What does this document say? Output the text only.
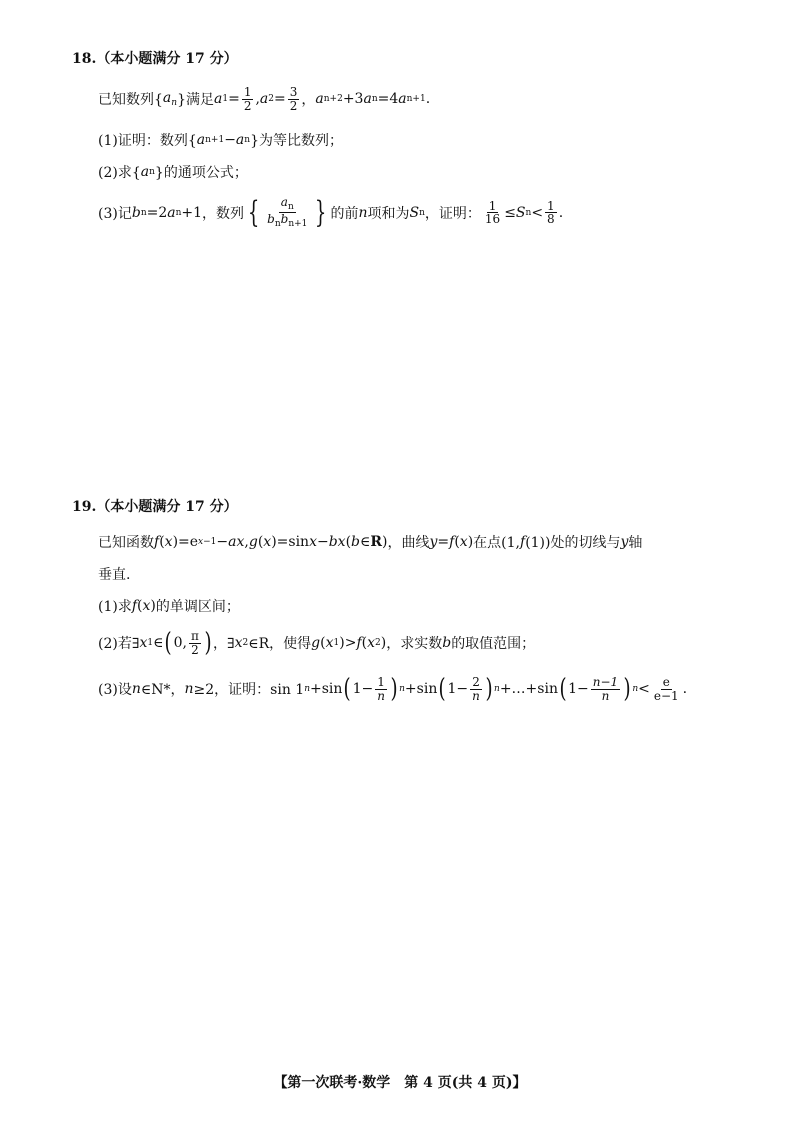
18.（本小题满分 17 分）
已知数列{ $a_n$ }满足 a $1 = \frac{1}{2}$ , a $2 = \frac{3}{2}$ ， a n+2 +3 a n =4 a n+1 .
(1)证明：数列{ a n+1 − a n }为等比数列；
(2)求{ a n }的通项公式；
(3)记 b n =2 a n +1 ，数列 { $\frac{a_n}{b_nb_{n+1}}$ } 的前 n 项和为 S n ，证明： $\frac{1}{16} \le S$ $n < \frac{1}{8}$ .
19.（本小题满分 17 分）
已知函数 f ( x )=e x−1 − ax , g ( x )=sin x − bx ( b ∈ R ) ，曲线 y = f ( x ) 在点(1, f (1))处的切线与 y 轴
垂直.
(1)求 f ( x ) 的单调区间；
(2)若∃ x 1 ∈ ( 0, $\frac{\pi}{2}$ ) ，∃ x 2 ∈R，使得 g ( x 1 )> f ( x 2 ) ，求实数 b 的取值范围；
(3)设 n ∈N*， n ≥2，证明：sin 1 n +sin ( $1- \frac{1}{n}$ ) n +sin ( $1- \frac{2}{n}$ ) n +…+sin ( $1- \frac{n-1}{n}$ ) $n < \frac{e}{e-1}$ .
【第一次联考·数学　第 4 页(共 4 页)】
